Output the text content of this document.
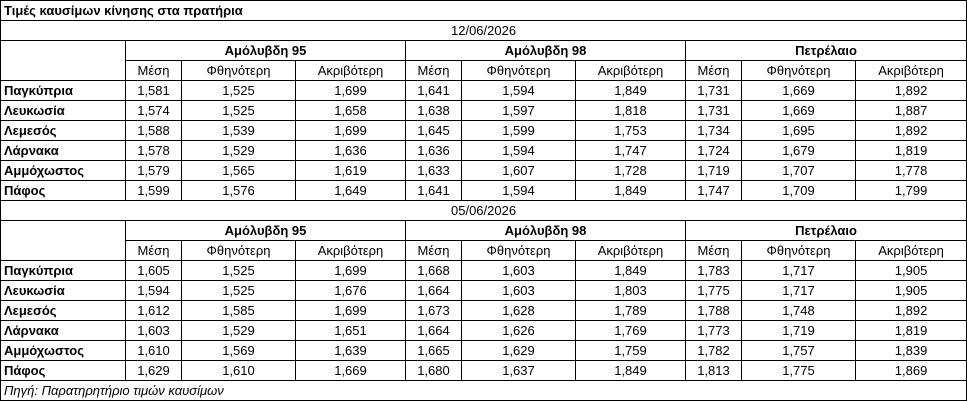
Τιμές καυσίμων κίνησης στα πρατήρια									
12/06/2026									
	Αμόλυβδη 95			Αμόλυβδη 98			Πετρέλαιο		
	Μέση	Φθηνότερη	Ακριβότερη	Μέση	Φθηνότερη	Ακριβότερη	Μέση	Φθηνότερη	Ακριβότερη
Παγκύπρια	1,581	1,525	1,699	1,641	1,594	1,849	1,731	1,669	1,892
Λευκωσία	1,574	1,525	1,658	1,638	1,597	1,818	1,731	1,669	1,887
Λεμεσός	1,588	1,539	1,699	1,645	1,599	1,753	1,734	1,695	1,892
Λάρνακα	1,578	1,529	1,636	1,636	1,594	1,747	1,724	1,679	1,819
Αμμόχωστος	1,579	1,565	1,619	1,633	1,607	1,728	1,719	1,707	1,778
Πάφος	1,599	1,576	1,649	1,641	1,594	1,849	1,747	1,709	1,799
05/06/2026									
	Αμόλυβδη 95			Αμόλυβδη 98			Πετρέλαιο		
	Μέση	Φθηνότερη	Ακριβότερη	Μέση	Φθηνότερη	Ακριβότερη	Μέση	Φθηνότερη	Ακριβότερη
Παγκύπρια	1,605	1,525	1,699	1,668	1,603	1,849	1,783	1,717	1,905
Λευκωσία	1,594	1,525	1,676	1,664	1,603	1,803	1,775	1,717	1,905
Λεμεσός	1,612	1,585	1,699	1,673	1,628	1,789	1,788	1,748	1,892
Λάρνακα	1,603	1,529	1,651	1,664	1,626	1,769	1,773	1,719	1,819
Αμμόχωστος	1,610	1,569	1,639	1,665	1,629	1,759	1,782	1,757	1,839
Πάφος	1,629	1,610	1,669	1,680	1,637	1,849	1,813	1,775	1,869
Πηγή: Παρατηρητήριο τιμών καυσίμων									
